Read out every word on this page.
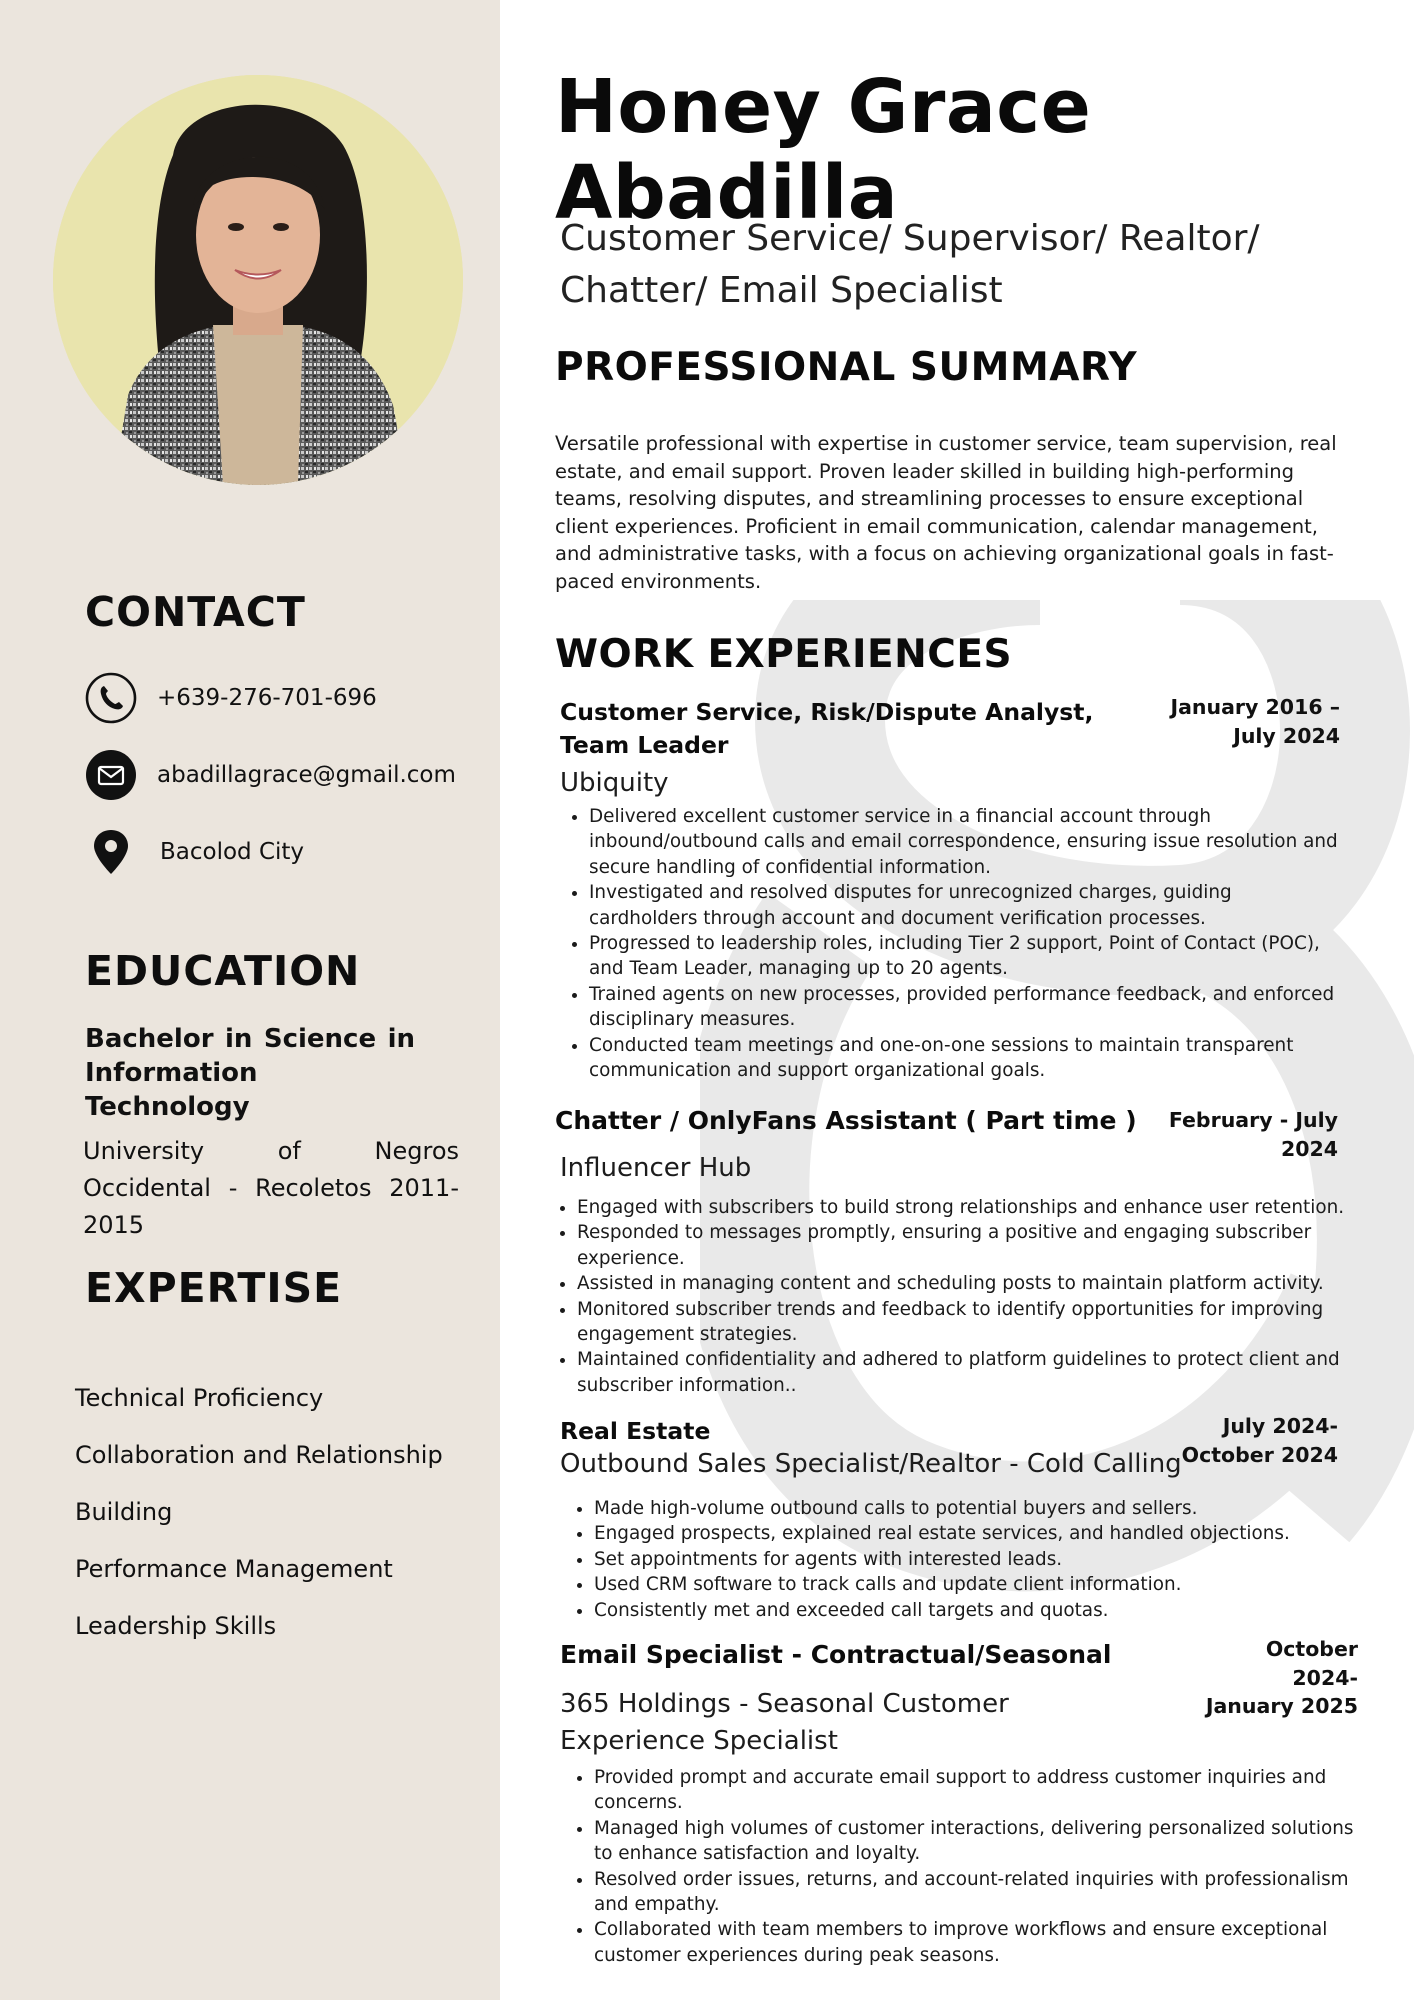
CONTACT
+639-276-701-696
abadillagrace@gmail.com
Bacolod City
EDUCATION

Bachelor in Science in Information Technology

University of Negros Occidental - Recoletos 2011-2015

EXPERTISE
Technical Proficiency
Collaboration and Relationship
Building
Performance Management
Leadership Skills
Honey Grace Abadilla

Customer Service/ Supervisor/ Realtor/
Chatter/ Email Specialist

PROFESSIONAL SUMMARY

Versatile professional with expertise in customer service, team supervision, real estate, and email support. Proven leader skilled in building high-performing teams, resolving disputes, and streamlining processes to ensure exceptional client experiences. Proficient in email communication, calendar management, and administrative tasks, with a focus on achieving organizational goals in fast-paced environments.

WORK EXPERIENCES

Customer Service, Risk/Dispute Analyst,
Team Leader

January 2016 –
July 2024

Ubiquity

• Delivered excellent customer service in a financial account through inbound/outbound calls and email correspondence, ensuring issue resolution and secure handling of confidential information.
• Investigated and resolved disputes for unrecognized charges, guiding cardholders through account and document verification processes.
• Progressed to leadership roles, including Tier 2 support, Point of Contact (POC), and Team Leader, managing up to 20 agents.
• Trained agents on new processes, provided performance feedback, and enforced disciplinary measures.
• Conducted team meetings and one-on-one sessions to maintain transparent communication and support organizational goals.

Chatter / OnlyFans Assistant ( Part time ) February - July
2024

Influencer Hub

• Engaged with subscribers to build strong relationships and enhance user retention.
• Responded to messages promptly, ensuring a positive and engaging subscriber experience.
• Assisted in managing content and scheduling posts to maintain platform activity.
• Monitored subscriber trends and feedback to identify opportunities for improving engagement strategies.
• Maintained confidentiality and adhered to platform guidelines to protect client and subscriber information..

Real Estate	July 2024-
October 2024

Outbound Sales Specialist/Realtor - Cold Calling

• Made high-volume outbound calls to potential buyers and sellers.
• Engaged prospects, explained real estate services, and handled objections.
• Set appointments for agents with interested leads.
• Used CRM software to track calls and update client information.
• Consistently met and exceeded call targets and quotas.

Email Specialist - Contractual/Seasonal	October
2024-
January 2025

365 Holdings - Seasonal Customer
Experience Specialist

• Provided prompt and accurate email support to address customer inquiries and concerns.
• Managed high volumes of customer interactions, delivering personalized solutions to enhance satisfaction and loyalty.
• Resolved order issues, returns, and account-related inquiries with professionalism and empathy.
• Collaborated with team members to improve workflows and ensure exceptional customer experiences during peak seasons.
